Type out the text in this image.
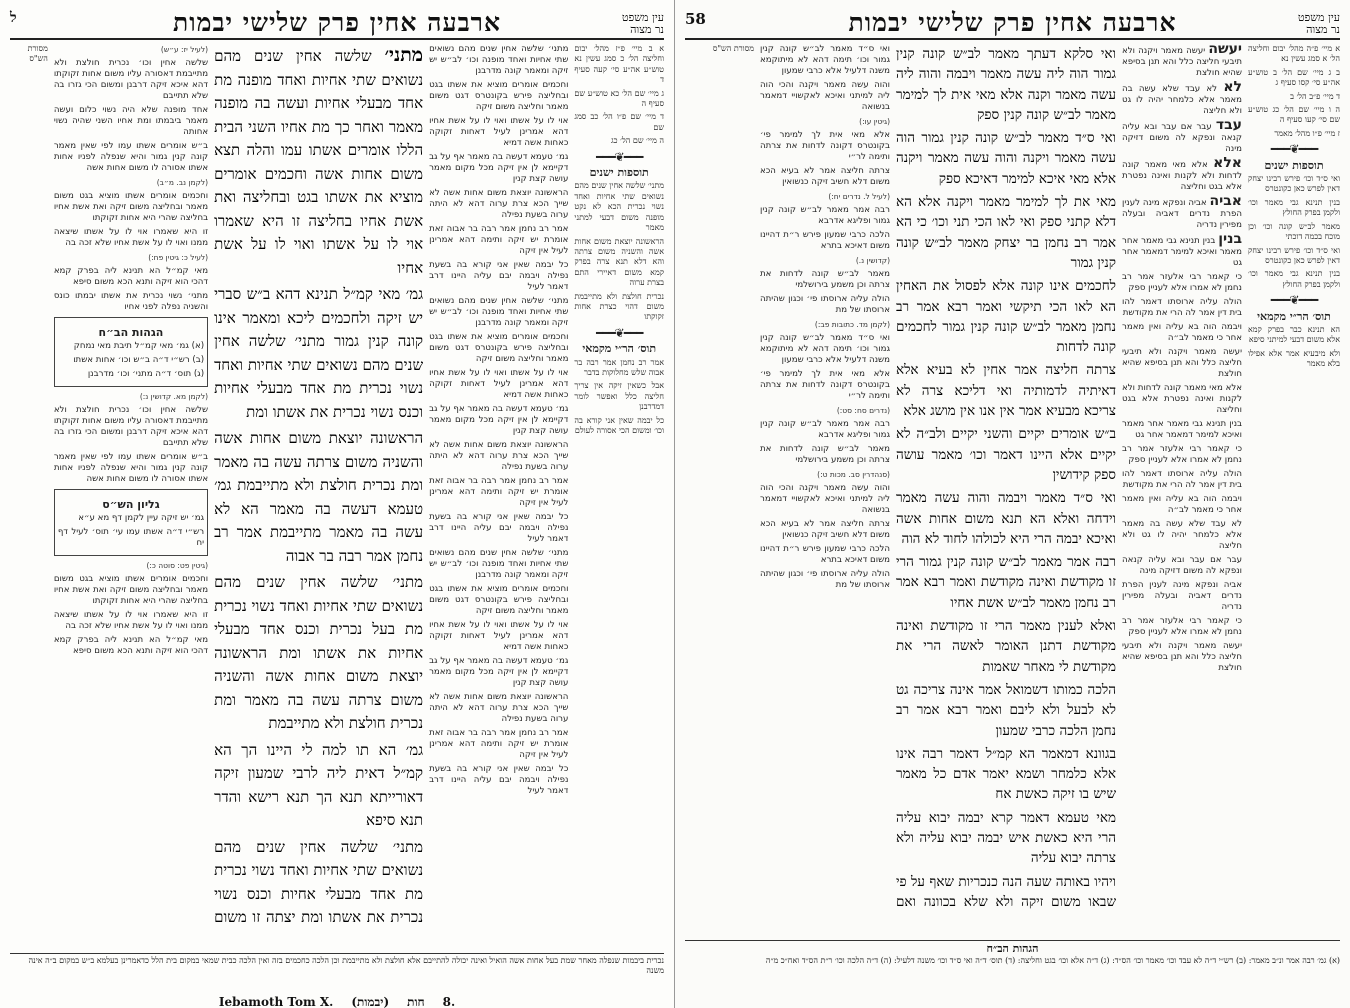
עין משפט
נר מצוה
ארבעה אחין פרק שלישי יבמות
ל

א ב מיי׳ פ״ז מהל׳ יבום וחליצה הל׳ כ סמג עשין נא טוש״ע אה״ע סי׳ קעה סעיף ד

ג מיי׳ שם הל׳ כא טוש״ע שם סעיף ה

ד מיי׳ שם פ״ו הל׳ כב סמג שם

ה מיי׳ שם הל׳ כג

━━━❦━━━
תוספות ישנים

מתני׳ שלשה אחין שנים מהם נשואים שתי אחיות ואחד נשוי נכרית הכא לא נקט מופנה משום דבעי למתני מאמר

הראשונה יוצאת משום אחות אשה והשניה משום צרתה והא דלא תנא צרה בפרק קמא משום דאיירי התם בצרת ערוה

נכרית חולצת ולא מתייבמת משום דהוי כצרת אחות זקוקתו

━━━❦━━━
תוס׳ הר״י מקמאי

אמר רב נחמן אמר רבה בר אבוה שלש מחלוקות בדבר

אבל כשאין זיקה אין צריך חליצה כלל ואפשר לומר דמדרבנן

כל יבמה שאין אני קורא בה וכו׳ ומשום הכי אסורה לעולם

מתני׳ שלשה אחין שנים מהם נשואים שתי אחיות ואחד מופנה וכו׳ לב״ש יש זיקה ומאמר קונה מדרבנן

וחכמים אומרים מוציא את אשתו בגט ובחליצה פירש בקונטרס דגט משום מאמר וחליצה משום זיקה

אוי לו על אשתו ואוי לו על אשת אחיו דהא אמרינן לעיל דאחות זקוקה כאחות אשה דמיא

גמ׳ טעמא דעשה בה מאמר אף על גב דקיימא לן אין זיקה מכל מקום מאמר עושה קצת קנין

הראשונה יוצאת משום אחות אשה לא שייך הכא צרת ערוה דהא לא היתה ערוה בשעת נפילה

אמר רב נחמן אמר רבה בר אבוה זאת אומרת יש זיקה ותימה דהא אמרינן לעיל אין זיקה

כל יבמה שאין אני קורא בה בשעת נפילה ויבמה יבם עליה היינו דרב דאמר לעיל

מתני׳ שלשה אחין שנים מהם נשואים שתי אחיות ואחד מופנה וכו׳ לב״ש יש זיקה ומאמר קונה מדרבנן

וחכמים אומרים מוציא את אשתו בגט ובחליצה פירש בקונטרס דגט משום מאמר וחליצה משום זיקה

אוי לו על אשתו ואוי לו על אשת אחיו דהא אמרינן לעיל דאחות זקוקה כאחות אשה דמיא

גמ׳ טעמא דעשה בה מאמר אף על גב דקיימא לן אין זיקה מכל מקום מאמר עושה קצת קנין

הראשונה יוצאת משום אחות אשה לא שייך הכא צרת ערוה דהא לא היתה ערוה בשעת נפילה

אמר רב נחמן אמר רבה בר אבוה זאת אומרת יש זיקה ותימה דהא אמרינן לעיל אין זיקה

כל יבמה שאין אני קורא בה בשעת נפילה ויבמה יבם עליה היינו דרב דאמר לעיל

מתני׳ שלשה אחין שנים מהם נשואים שתי אחיות ואחד מופנה וכו׳ לב״ש יש זיקה ומאמר קונה מדרבנן

וחכמים אומרים מוציא את אשתו בגט ובחליצה פירש בקונטרס דגט משום מאמר וחליצה משום זיקה

אוי לו על אשתו ואוי לו על אשת אחיו דהא אמרינן לעיל דאחות זקוקה כאחות אשה דמיא

גמ׳ טעמא דעשה בה מאמר אף על גב דקיימא לן אין זיקה מכל מקום מאמר עושה קצת קנין

הראשונה יוצאת משום אחות אשה לא שייך הכא צרת ערוה דהא לא היתה ערוה בשעת נפילה

אמר רב נחמן אמר רבה בר אבוה זאת אומרת יש זיקה ותימה דהא אמרינן לעיל אין זיקה

כל יבמה שאין אני קורא בה בשעת נפילה ויבמה יבם עליה היינו דרב דאמר לעיל

מתני׳ שלשה אחין שנים מהם נשואים שתי אחיות ואחד מופנה מת אחד מבעלי אחיות ועשה בה מופנה מאמר ואחר כך מת אחיו השני הבית הללו אומרים אשתו עמו והלה תצא משום אחות אשה וחכמים אומרים מוציא את אשתו בגט ובחליצה ואת אשת אחיו בחליצה זו היא שאמרו אוי לו על אשתו ואוי לו על אשת אחיו

גמ׳ מאי קמ״ל תנינא דהא ב״ש סברי יש זיקה ולחכמים ליכא ומאמר אינו קונה קנין גמור מתני׳ שלשה אחין שנים מהם נשואים שתי אחיות ואחד נשוי נכרית מת אחד מבעלי אחיות וכנס נשוי נכרית את אשתו ומת

הראשונה יוצאת משום אחות אשה והשניה משום צרתה עשה בה מאמר ומת נכרית חולצת ולא מתייבמת גמ׳ טעמא דעשה בה מאמר הא לא עשה בה מאמר מתייבמת אמר רב נחמן אמר רבה בר אבוה

מתני׳ שלשה אחין שנים מהם נשואים שתי אחיות ואחד נשוי נכרית מת בעל נכרית וכנס אחד מבעלי אחיות את אשתו ומת הראשונה יוצאת משום אחות אשה והשניה משום צרתה עשה בה מאמר ומת נכרית חולצת ולא מתייבמת

גמ׳ הא תו למה לי היינו הך הא קמ״ל דאית ליה לרבי שמעון זיקה דאורייתא תנא הך תנא רישא והדר תנא סיפא

מתני׳ שלשה אחין שנים מהם נשואים שתי אחיות ואחד נשוי נכרית מת אחד מבעלי אחיות וכנס נשוי נכרית את אשתו ומת יצתה זו משום

(לעיל יז: ע״ש)

שלשה אחין וכו׳ נכרית חולצת ולא מתייבמת דאסורה עליו משום אחות זקוקתו דהא איכא זיקה דרבנן ומשום הכי גזרו בה שלא תתייבם

אחד מופנה שלא היה נשוי כלום ועשה מאמר ביבמתו ומת אחיו השני שהיה נשוי אחותה

ב״ש אומרים אשתו עמו לפי שאין מאמר קונה קנין גמור והיא שנפלה לפניו אחות אשתו אסורה לו משום אחות אשה

(לקמן נב. מ״ב)

וחכמים אומרים אשתו מוציא בגט משום מאמר ובחליצה משום זיקה ואת אשת אחיו בחליצה שהרי היא אחות זקוקתו

זו היא שאמרו אוי לו על אשתו שיצאה ממנו ואוי לו על אשת אחיו שלא זכה בה

(לעיל כ: גיטין פח:)

מאי קמ״ל הא תנינא ליה בפרק קמא דהכי הוא זיקה ותנא הכא משום סיפא

מתני׳ נשוי נכרית את אשתו יבמתו כונס והשניה נפלה לפני אחיו

הגהות הב״ח

(א) גמ׳ מאי קמ״ל תיבת מאי נמחק

(ב) רש״י ד״ה ב״ש וכו׳ אחות אשתו

(ג) תוס׳ ד״ה מתני׳ וכו׳ מדרבנן

(לקמן מא. קדושין נ:)

שלשה אחין וכו׳ נכרית חולצת ולא מתייבמת דאסורה עליו משום אחות זקוקתו דהא איכא זיקה דרבנן ומשום הכי גזרו בה שלא תתייבם

ב״ש אומרים אשתו עמו לפי שאין מאמר קונה קנין גמור והיא שנפלה לפניו אחות אשתו אסורה לו משום אחות אשה

גליון הש״ס

גמ׳ יש זיקה עיין לקמן דף מא ע״א

רש״י ד״ה אשתו עמו עי׳ תוס׳ לעיל דף יח

(גיטין פט: סוטה כ:)

וחכמים אומרים אשתו מוציא בגט משום מאמר ובחליצה משום זיקה ואת אשת אחיו בחליצה שהרי היא אחות זקוקתו

זו היא שאמרו אוי לו על אשתו שיצאה ממנו ואוי לו על אשת אחיו שלא זכה בה

מאי קמ״ל הא תנינא ליה בפרק קמא דהכי הוא זיקה ותנא הכא משום סיפא

מסורת הש"ס

נכרית ביבמות שנפלה מאחר שמת בעל אחות אשה הואיל ואינה יכולה להתייבם אלא חולצת ולא מתייבמת וכן הלכה כחכמים בזה ואין הלכה כבית שמאי במקום בית הלל כדאמרינן בעלמא ב״ש במקום ב״ה אינה משנה
Iebamoth Tom X. (יבמות) חות 8.
עין משפט
נר מצוה
ארבעה אחין פרק שלישי יבמות
58

א מיי׳ פ״ה מהל׳ יבום וחליצה הל׳ א סמג עשין נא

ב ג מיי׳ שם הל׳ ב טוש״ע אה״ע סי׳ קסו סעיף ג

ד מיי׳ פ״ב הל׳ ב

ה ו מיי׳ שם הל׳ כג טוש״ע שם סי׳ קעו סעיף ה

ז מיי׳ פ״ו מהל׳ מאמר

━━━❦━━━
תוספות ישנים

ואי ס״ד וכו׳ פירש רבינו יצחק דאין לפרש כאן כקונטרס

בנין תנינא גבי מאמר וכו׳ ולקמן בפרק החולץ

מאמר לב״ש קונה וכו׳ וכן מוכח בכמה דוכתי

ואי ס״ד וכו׳ פירש רבינו יצחק דאין לפרש כאן כקונטרס

בנין תנינא גבי מאמר וכו׳ ולקמן בפרק החולץ

━━━❦━━━
תוס׳ הר״י מקמאי

הא תנינא כבר בפרק קמא אלא משום דבעי למיתני סיפא

ולא מיבעיא אמר אלא אפילו בלא מאמר

יעשה יעשה מאמר ויקנה ולא תיבעי חליצה כלל והא תנן בסיפא שהיא חולצת

לא לא עבד שלא עשה בה מאמר אלא כלמחר יהיה לו גט ולא חליצה

עבד עבר אם עבר ובא עליה קנאה ונפקא לה משום דזיקה מינה

אלא אלא מאי מאמר קונה לדחות ולא לקנות ואינה נפטרת אלא בגט וחליצה

אביה אביה ונפקא מינה לענין הפרת נדרים דאביה ובעלה מפירין נדריה

בנין בנין תנינא גבי מאמר אחר מאמר ואיכא למימר דמאמר אחר גט

כי קאמר רבי אלעזר אמר רב נחמן לא אמרו אלא לעניין ספק

הולה עליה ארוסתו דאמר להו בית דין אמר לה הרי את מקודשת

ויבמה הוה בא עליה ואין מאמר אחר כי מאמר לב״ה

יעשה מאמר ויקנה ולא תיבעי חליצה כלל והא תנן בסיפא שהיא חולצת

אלא מאי מאמר קונה לדחות ולא לקנות ואינה נפטרת אלא בגט וחליצה

בנין תנינא גבי מאמר אחר מאמר ואיכא למימר דמאמר אחר גט

כי קאמר רבי אלעזר אמר רב נחמן לא אמרו אלא לעניין ספק

הולה עליה ארוסתו דאמר להו בית דין אמר לה הרי את מקודשת

ויבמה הוה בא עליה ואין מאמר אחר כי מאמר לב״ה

לא עבד שלא עשה בה מאמר אלא כלמחר יהיה לו גט ולא חליצה

עבר אם עבר ובא עליה קנאה ונפקא לה משום דזיקה מינה

אביה ונפקא מינה לענין הפרת נדרים דאביה ובעלה מפירין נדריה

כי קאמר רבי אלעזר אמר רב נחמן לא אמרו אלא לעניין ספק

יעשה מאמר ויקנה ולא תיבעי חליצה כלל והא תנן בסיפא שהיא חולצת

ואי סלקא דעתך מאמר לב״ש קונה קנין גמור הוה ליה עשה מאמר ויבמה והוה ליה עשה מאמר וקנה אלא מאי אית לך למימר מאמר לב״ש קונה קנין ספק

ואי ס״ד מאמר לב״ש קונה קנין גמור הוה עשה מאמר ויקנה והוה עשה מאמר ויקנה אלא מאי איכא למימר דאיכא ספק

מאי את לך למימר מאמר ויקנה אלא הא דלא קתני ספק ואי לאו הכי תני וכו׳ כי הא אמר רב נחמן בר יצחק מאמר לב״ש קונה קנין גמור

לחכמים אינו קונה אלא לפסול את האחין הא לאו הכי תיקשי ואמר רבא אמר רב נחמן מאמר לב״ש קונה קנין גמור לחכמים קונה לדחות

צרתה חליצה אמר אחין לא בעיא אלא דאיתיה לדמותיה ואי דליכא צרה לא צריכא מבעיא אמר אין אנו אין מושג אלא

ב״ש אומרים יקיים והשני יקיים ולב״ה לא יקיים אלא היינו דאמר וכו׳ מאמר עושה ספק קידושין

ואי ס״ד מאמר ויבמה והוה עשה מאמר וידחה ואלא הא תנא משום אחות אשה ואיכא יבמה הרי היא לכולהו לחוד לא הוה

רבה אמר מאמר לב״ש קונה קנין גמור הרי זו מקודשת ואינה מקודשת ואמר רבא אמר רב נחמן מאמר לב״ש אשת אחיו

ואלא לענין מאמר הרי זו מקודשת ואינה מקודשת דתנן האומר לאשה הרי את מקודשת לי מאחר שאמות

הלכה כמותו דשמואל אמר אינה צריכה גט לא לבעל ולא ליבם ואמר רבא אמר רב נחמן הלכה כרבי שמעון

בגוונא דמאמר הא קמ״ל דאמר רבה אינו אלא כלמחר ושמא יאמר אדם כל מאמר שיש בו זיקה כאשת אח

מאי טעמא דאמר קרא יבמה יבוא עליה הרי היא כאשת איש יבמה יבוא עליה ולא צרתה יבוא עליה

ויהיו באותה שעה הנה כנכריות שאף על פי שבאו משום זיקה ולא שלא בכוונה ואם

ואי ס״ד מאמר לב״ש קונה קנין גמור וכו׳ תימה דהא לא מיתוקמא משנה דלעיל אלא כרבי שמעון

והוה עשה מאמר ויקנה והכי הוה ליה למיתני ואיכא לאקשויי דמאמר בנשואה

(גיטין עו:)

אלא מאי אית לך למימר פי׳ בקונטרס דקונה לדחות את צרתה ותימה לר״י

צרתה חליצה אמר לא בעיא הכא משום דלא חשיב זיקה כנשואין

(לעיל ל. נדרים יח:)

רבה אמר מאמר לב״ש קונה קנין גמור ופליגא אדרבא

הלכה כרבי שמעון פירש ר״ת דהיינו משום דאיכא בתרא

(קדושין נ.)

מאמר לב״ש קונה לדחות את צרתה וכן משמע בירושלמי

הולה עליה ארוסתו פי׳ וכגון שהיתה ארוסתו של מת

(לקמן מד. כתובות פב:)

ואי ס״ד מאמר לב״ש קונה קנין גמור וכו׳ תימה דהא לא מיתוקמא משנה דלעיל אלא כרבי שמעון

אלא מאי אית לך למימר פי׳ בקונטרס דקונה לדחות את צרתה ותימה לר״י

(נדרים סח: סט:)

רבה אמר מאמר לב״ש קונה קנין גמור ופליגא אדרבא

מאמר לב״ש קונה לדחות את צרתה וכן משמע בירושלמי

(סנהדרין סב. מכות ט:)

והוה עשה מאמר ויקנה והכי הוה ליה למיתני ואיכא לאקשויי דמאמר בנשואה

צרתה חליצה אמר לא בעיא הכא משום דלא חשיב זיקה כנשואין

הלכה כרבי שמעון פירש ר״ת דהיינו משום דאיכא בתרא

הולה עליה ארוסתו פי׳ וכגון שהיתה ארוסתו של מת

מסורת הש"ס

הגהות הב״ח
(א) גמ׳ רבה אמר ונ״ב מאמר: (ב) רש״י ד״ה לא עבד וכו׳ מאמר וכו׳ הס״ד: (ג) ד״ה אלא וכו׳ בגט וחליצה: (ד) תוס׳ ד״ה ואי ס״ד וכו׳ משנה דלעיל: (ה) ד״ה הלכה וכו׳ ר״ת הס״ד ואח״כ מ״ה
